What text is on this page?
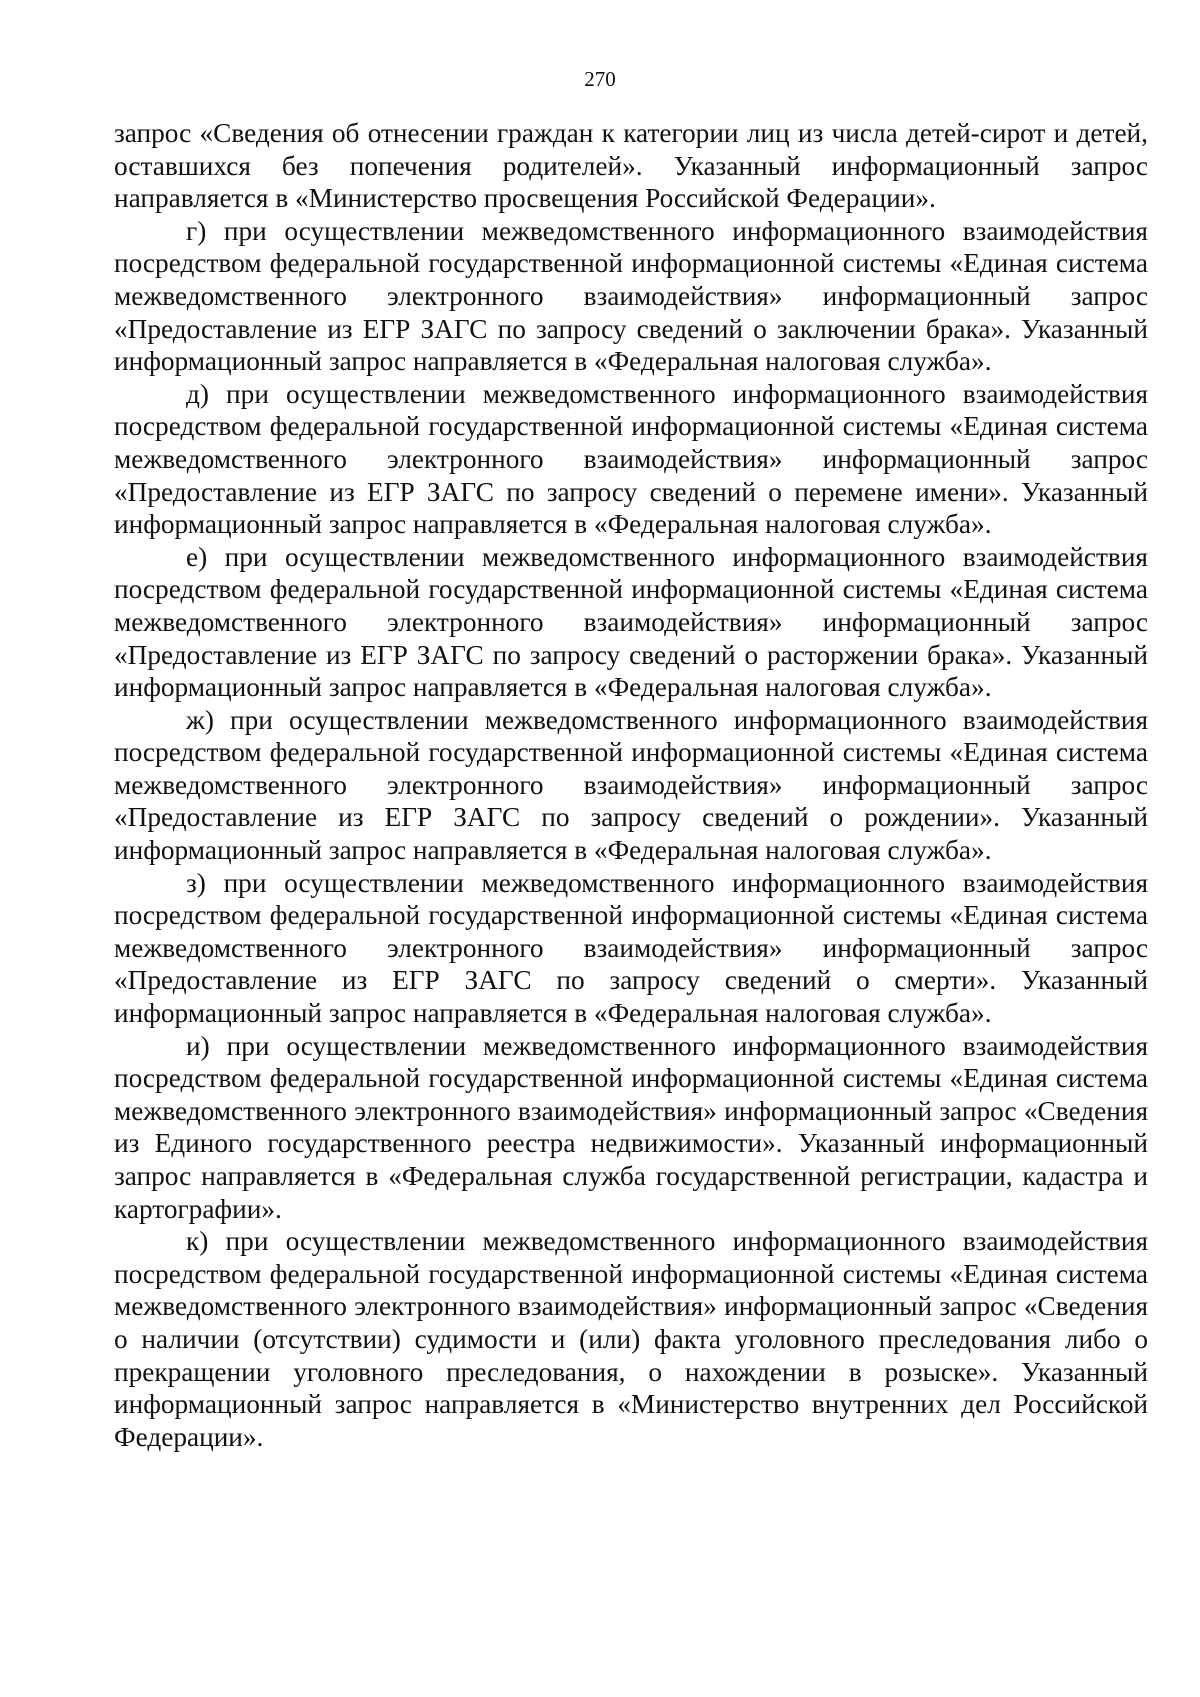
270

запрос «Сведения об отнесении граждан к категории лиц из числа детей-сирот и детей, оставшихся без попечения родителей». Указанный информационный запрос направляется в «Министерство просвещения Российской Федерации».

г) при осуществлении межведомственного информационного взаимодействия посредством федеральной государственной информационной системы «Единая система межведомственного электронного взаимодействия» информационный запрос «Предоставление из ЕГР ЗАГС по запросу сведений о заключении брака». Указанный информационный запрос направляется в «Федеральная налоговая служба».

д) при осуществлении межведомственного информационного взаимодействия посредством федеральной государственной информационной системы «Единая система межведомственного электронного взаимодействия» информационный запрос «Предоставление из ЕГР ЗАГС по запросу сведений о перемене имени». Указанный информационный запрос направляется в «Федеральная налоговая служба».

е) при осуществлении межведомственного информационного взаимодействия посредством федеральной государственной информационной системы «Единая система межведомственного электронного взаимодействия» информационный запрос «Предоставление из ЕГР ЗАГС по запросу сведений о расторжении брака». Указанный информационный запрос направляется в «Федеральная налоговая служба».

ж) при осуществлении межведомственного информационного взаимодействия посредством федеральной государственной информационной системы «Единая система межведомственного электронного взаимодействия» информационный запрос «Предоставление из ЕГР ЗАГС по запросу сведений о рождении». Указанный информационный запрос направляется в «Федеральная налоговая служба».

з) при осуществлении межведомственного информационного взаимодействия посредством федеральной государственной информационной системы «Единая система межведомственного электронного взаимодействия» информационный запрос «Предоставление из ЕГР ЗАГС по запросу сведений о смерти». Указанный информационный запрос направляется в «Федеральная налоговая служба».

и) при осуществлении межведомственного информационного взаимодействия посредством федеральной государственной информационной системы «Единая система межведомственного электронного взаимодействия» информационный запрос «Сведения из Единого государственного реестра недвижимости». Указанный информационный запрос направляется в «Федеральная служба государственной регистрации, кадастра и картографии».

к) при осуществлении межведомственного информационного взаимодействия посредством федеральной государственной информационной системы «Единая система межведомственного электронного взаимодействия» информационный запрос «Сведения о наличии (отсутствии) судимости и (или) факта уголовного преследования либо о прекращении уголовного преследования, о нахождении в розыске». Указанный информационный запрос направляется в «Министерство внутренних дел Российской Федерации».
